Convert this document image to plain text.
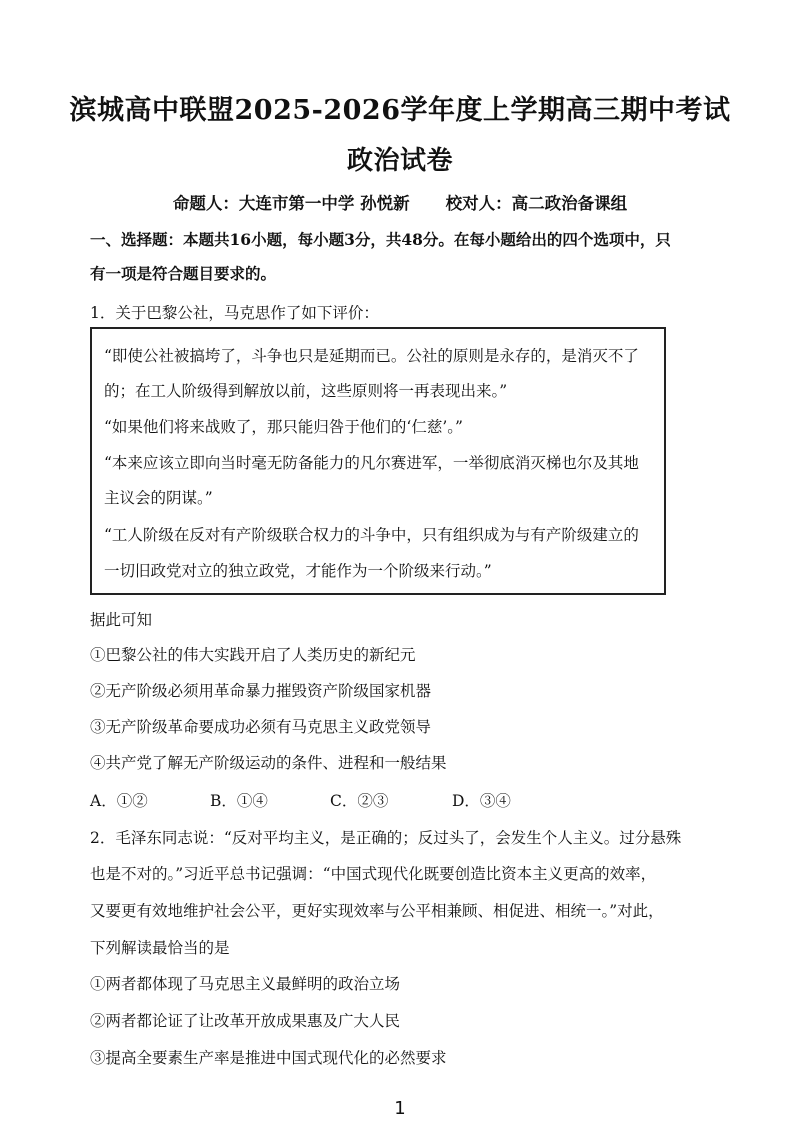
滨城高中联盟2025-2026学年度上学期高三期中考试
政治试卷
命题人：大连市第一中学 孙悦新 校对人：高二政治备课组
一、选择题：本题共16小题，每小题3分，共48分。在每小题给出的四个选项中，只
有一项是符合题目要求的。
1．关于巴黎公社，马克思作了如下评价：
“即使公社被搞垮了，斗争也只是延期而已。公社的原则是永存的，是消灭不了
的；在工人阶级得到解放以前，这些原则将一再表现出来。”
“如果他们将来战败了，那只能归咎于他们的‘仁慈’。”
“本来应该立即向当时毫无防备能力的凡尔赛进军，一举彻底消灭梯也尔及其地
主议会的阴谋。”
“工人阶级在反对有产阶级联合权力的斗争中，只有组织成为与有产阶级建立的
一切旧政党对立的独立政党，才能作为一个阶级来行动。”
据此可知
①巴黎公社的伟大实践开启了人类历史的新纪元
②无产阶级必须用革命暴力摧毁资产阶级国家机器
③无产阶级革命要成功必须有马克思主义政党领导
④共产党了解无产阶级运动的条件、进程和一般结果
A．①②	B．①④	C．②③	D．③④
2．毛泽东同志说：“反对平均主义，是正确的；反过头了，会发生个人主义。过分悬殊
也是不对的。”习近平总书记强调：“中国式现代化既要创造比资本主义更高的效率，
又要更有效地维护社会公平，更好实现效率与公平相兼顾、相促进、相统一。”对此，
下列解读最恰当的是
①两者都体现了马克思主义最鲜明的政治立场
②两者都论证了让改革开放成果惠及广大人民
③提高全要素生产率是推进中国式现代化的必然要求
1
